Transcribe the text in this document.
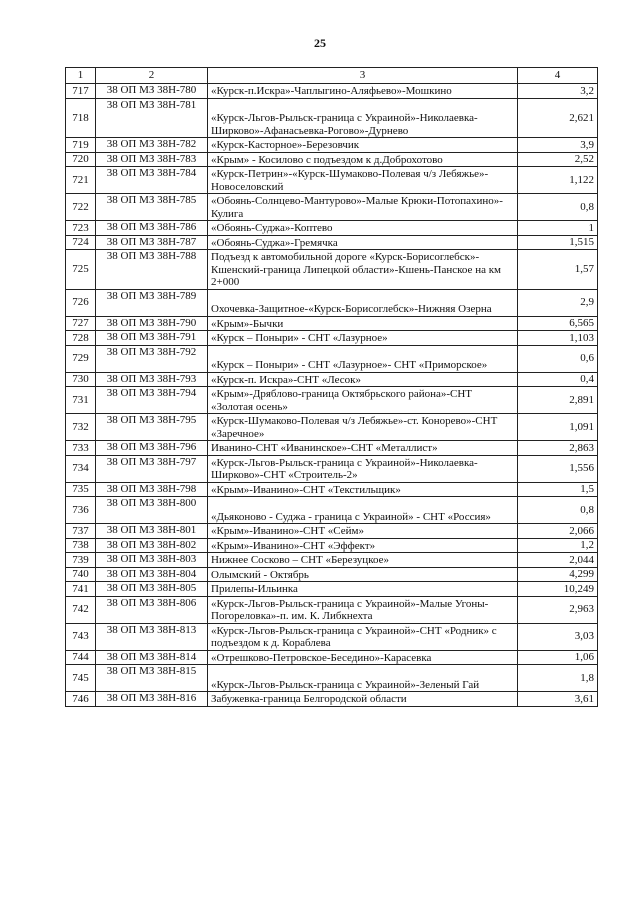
25
1	2	3	4
717	38 ОП МЗ 38Н-780	«Курск-п.Искра»-Чаплыгино-Аляфьево»-Мошкино	3,2
718	38 ОП МЗ 38Н-781	«Курск-Льгов-Рыльск-граница с Украиной»-Николаевка-Ширково»-Афанасьевка-Рогово»-Дурнево	2,621
719	38 ОП МЗ 38Н-782	«Курск-Касторное»-Березовчик	3,9
720	38 ОП МЗ 38Н-783	«Крым» - Косилово с подъездом к д.Доброхотово	2,52
721	38 ОП МЗ 38Н-784	«Курск-Петрин»-«Курск-Шумаково-Полевая ч/з Лебяжье»-Новоселовский	1,122
722	38 ОП МЗ 38Н-785	«Обоянь-Солнцево-Мантурово»-Малые Крюки-Потопахино»-Кулига	0,8
723	38 ОП МЗ 38Н-786	«Обоянь-Суджа»-Коптево	1
724	38 ОП МЗ 38Н-787	«Обоянь-Суджа»-Гремячка	1,515
725	38 ОП МЗ 38Н-788	Подъезд к автомобильной дороге «Курск-Борисоглебск»-Кшенский-граница Липецкой области»-Кшень-Панское на км 2+000	1,57
726	38 ОП МЗ 38Н-789	Охочевка-Защитное-«Курск-Борисоглебск»-Нижняя Озерна	2,9
727	38 ОП МЗ 38Н-790	«Крым»-Бычки	6,565
728	38 ОП МЗ 38Н-791	«Курск – Поныри» - СНТ «Лазурное»	1,103
729	38 ОП МЗ 38Н-792	«Курск – Поныри» - СНТ «Лазурное»- СНТ «Приморское»	0,6
730	38 ОП МЗ 38Н-793	«Курск-п. Искра»-СНТ «Лесок»	0,4
731	38 ОП МЗ 38Н-794	«Крым»-Дряблово-граница Октябрьского района»-СНТ «Золотая осень»	2,891
732	38 ОП МЗ 38Н-795	«Курск-Шумаково-Полевая ч/з Лебяжье»-ст. Конорево»-СНТ «Заречное»	1,091
733	38 ОП МЗ 38Н-796	Иванино-СНТ «Иванинское»-СНТ «Металлист»	2,863
734	38 ОП МЗ 38Н-797	«Курск-Льгов-Рыльск-граница с Украиной»-Николаевка-Ширково»-СНТ «Строитель-2»	1,556
735	38 ОП МЗ 38Н-798	«Крым»-Иванино»-СНТ «Текстильщик»	1,5
736	38 ОП МЗ 38Н-800	«Дьяконово - Суджа - граница с Украиной» - СНТ «Россия»	0,8
737	38 ОП МЗ 38Н-801	«Крым»-Иванино»-СНТ «Сейм»	2,066
738	38 ОП МЗ 38Н-802	«Крым»-Иванино»-СНТ «Эффект»	1,2
739	38 ОП МЗ 38Н-803	Нижнее Сосково – СНТ «Березуцкое»	2,044
740	38 ОП МЗ 38Н-804	Олымский - Октябрь	4,299
741	38 ОП МЗ 38Н-805	Прилепы-Ильинка	10,249
742	38 ОП МЗ 38Н-806	«Курск-Льгов-Рыльск-граница с Украиной»-Малые Угоны-Погореловка»-п. им. К. Либкнехта	2,963
743	38 ОП МЗ 38Н-813	«Курск-Льгов-Рыльск-граница с Украиной»-СНТ «Родник» с подъездом к д. Кораблева	3,03
744	38 ОП МЗ 38Н-814	«Отрешково-Петровское-Беседино»-Карасевка	1,06
745	38 ОП МЗ 38Н-815	«Курск-Льгов-Рыльск-граница с Украиной»-Зеленый Гай	1,8
746	38 ОП МЗ 38Н-816	Забужевка-граница Белгородской области	3,61
